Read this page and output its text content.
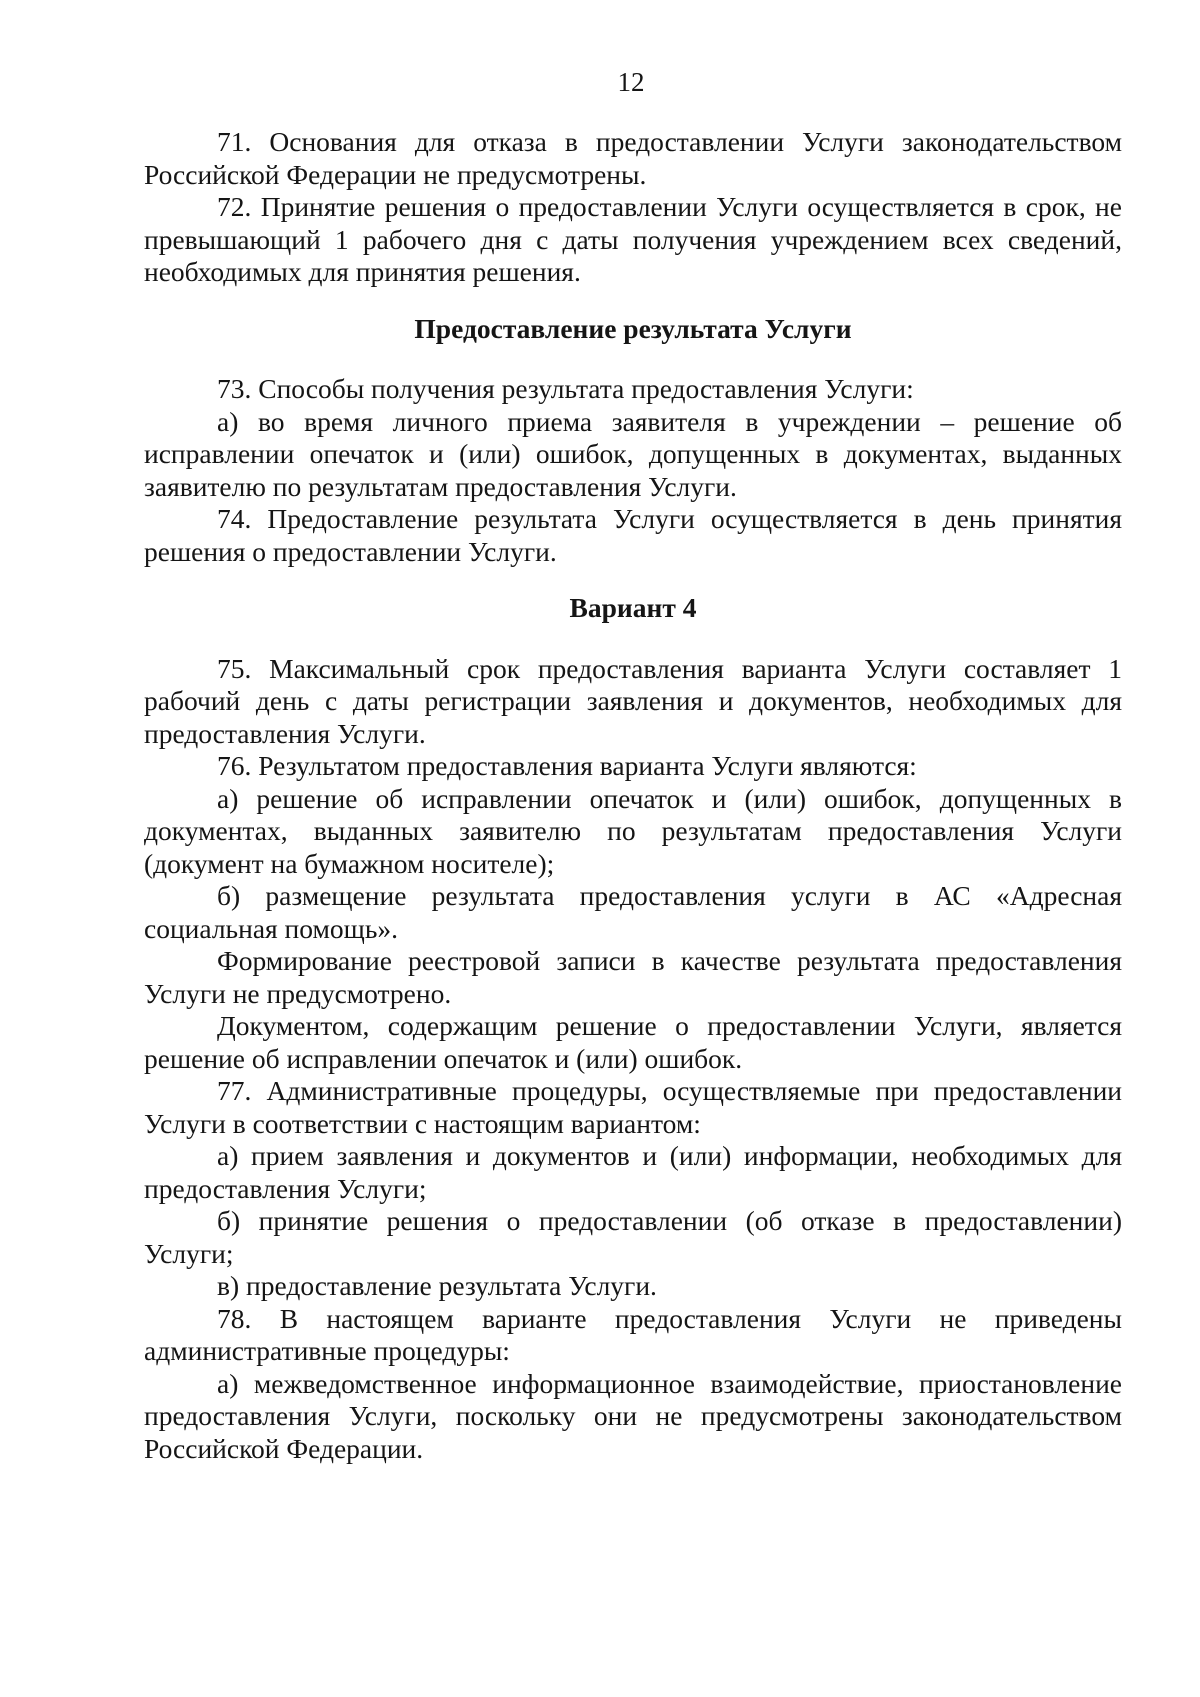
12

71. Основания для отказа в предоставлении Услуги законодательством Российской Федерации не предусмотрены.

72. Принятие решения о предоставлении Услуги осуществляется в срок, не превышающий 1 рабочего дня с даты получения учреждением всех сведений, необходимых для принятия решения.

Предоставление результата Услуги

73. Способы получения результата предоставления Услуги:

а) во время личного приема заявителя в учреждении – решение об исправлении опечаток и (или) ошибок, допущенных в документах, выданных заявителю по результатам предоставления Услуги.

74. Предоставление результата Услуги осуществляется в день принятия решения о предоставлении Услуги.

Вариант 4

75. Максимальный срок предоставления варианта Услуги составляет 1 рабочий день с даты регистрации заявления и документов, необходимых для предоставления Услуги.

76. Результатом предоставления варианта Услуги являются:

а) решение об исправлении опечаток и (или) ошибок, допущенных в документах, выданных заявителю по результатам предоставления Услуги (документ на бумажном носителе);

б) размещение результата предоставления услуги в АС «Адресная социальная помощь».

Формирование реестровой записи в качестве результата предоставления Услуги не предусмотрено.

Документом, содержащим решение о предоставлении Услуги, является решение об исправлении опечаток и (или) ошибок.

77. Административные процедуры, осуществляемые при предоставлении Услуги в соответствии с настоящим вариантом:

а) прием заявления и документов и (или) информации, необходимых для предоставления Услуги;

б) принятие решения о предоставлении (об отказе в предоставлении) Услуги;

в) предоставление результата Услуги.

78. В настоящем варианте предоставления Услуги не приведены административные процедуры:

а) межведомственное информационное взаимодействие, приостановление предоставления Услуги, поскольку они не предусмотрены законодательством Российской Федерации.
